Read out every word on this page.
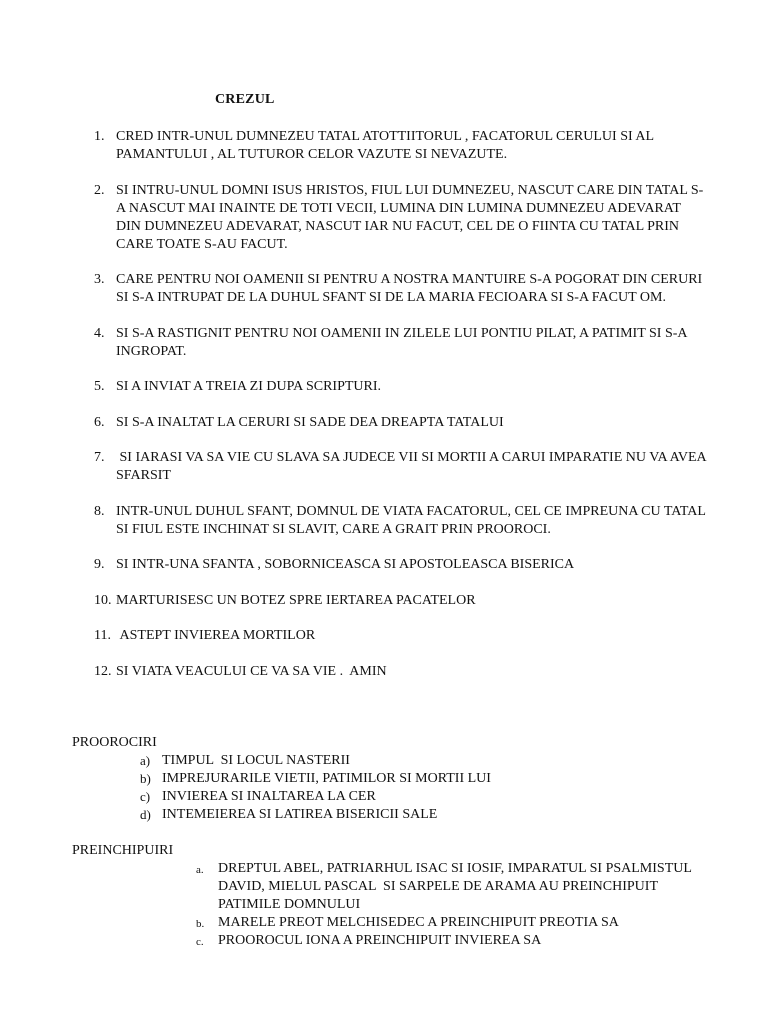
CREZUL
1. CRED INTR-UNUL DUMNEZEU TATAL ATOTTIITORUL , FACATORUL CERULUI SI AL PAMANTULUI , AL TUTUROR CELOR VAZUTE SI NEVAZUTE.
2. SI INTRU-UNUL DOMNI ISUS HRISTOS, FIUL LUI DUMNEZEU, NASCUT CARE DIN TATAL S-A NASCUT MAI INAINTE DE TOTI VECII, LUMINA DIN LUMINA DUMNEZEU ADEVARAT DIN DUMNEZEU ADEVARAT, NASCUT IAR NU FACUT, CEL DE O FIINTA CU TATAL PRIN CARE TOATE S-AU FACUT.
3. CARE PENTRU NOI OAMENII SI PENTRU A NOSTRA MANTUIRE S-A POGORAT DIN CERURI SI S-A INTRUPAT DE LA DUHUL SFANT SI DE LA MARIA FECIOARA SI S-A FACUT OM.
4. SI S-A RASTIGNIT PENTRU NOI OAMENII IN ZILELE LUI PONTIU PILAT, A PATIMIT SI S-A INGROPAT.
5. SI A INVIAT A TREIA ZI DUPA SCRIPTURI.
6. SI S-A INALTAT LA CERURI SI SADE DEA DREAPTA TATALUI
7. SI IARASI VA SA VIE CU SLAVA SA JUDECE VII SI MORTII A CARUI IMPARATIE NU VA AVEA SFARSIT
8. INTR-UNUL DUHUL SFANT, DOMNUL DE VIATA FACATORUL, CEL CE IMPREUNA CU TATAL SI FIUL ESTE INCHINAT SI SLAVIT, CARE A GRAIT PRIN PROOROCI.
9. SI INTR-UNA SFANTA , SOBORNICEASCA SI APOSTOLEASCA BISERICA
10. MARTURISESC UN BOTEZ SPRE IERTAREA PACATELOR
11. ASTEPT INVIEREA MORTILOR
12. SI VIATA VEACULUI CE VA SA VIE .  AMIN
PROOROCIRI
a) TIMPUL  SI LOCUL NASTERII
b) IMPREJURARILE VIETII, PATIMILOR SI MORTII LUI
c) INVIEREA SI INALTAREA LA CER
d) INTEMEIEREA SI LATIREA BISERICII SALE
PREINCHIPUIRI
a. DREPTUL ABEL, PATRIARHUL ISAC SI IOSIF, IMPARATUL SI PSALMISTUL DAVID, MIELUL PASCAL  SI SARPELE DE ARAMA AU PREINCHIPUIT PATIMILE DOMNULUI
b. MARELE PREOT MELCHISEDEC A PREINCHIPUIT PREOTIA SA
c. PROOROCUL IONA A PREINCHIPUIT INVIEREA SA
